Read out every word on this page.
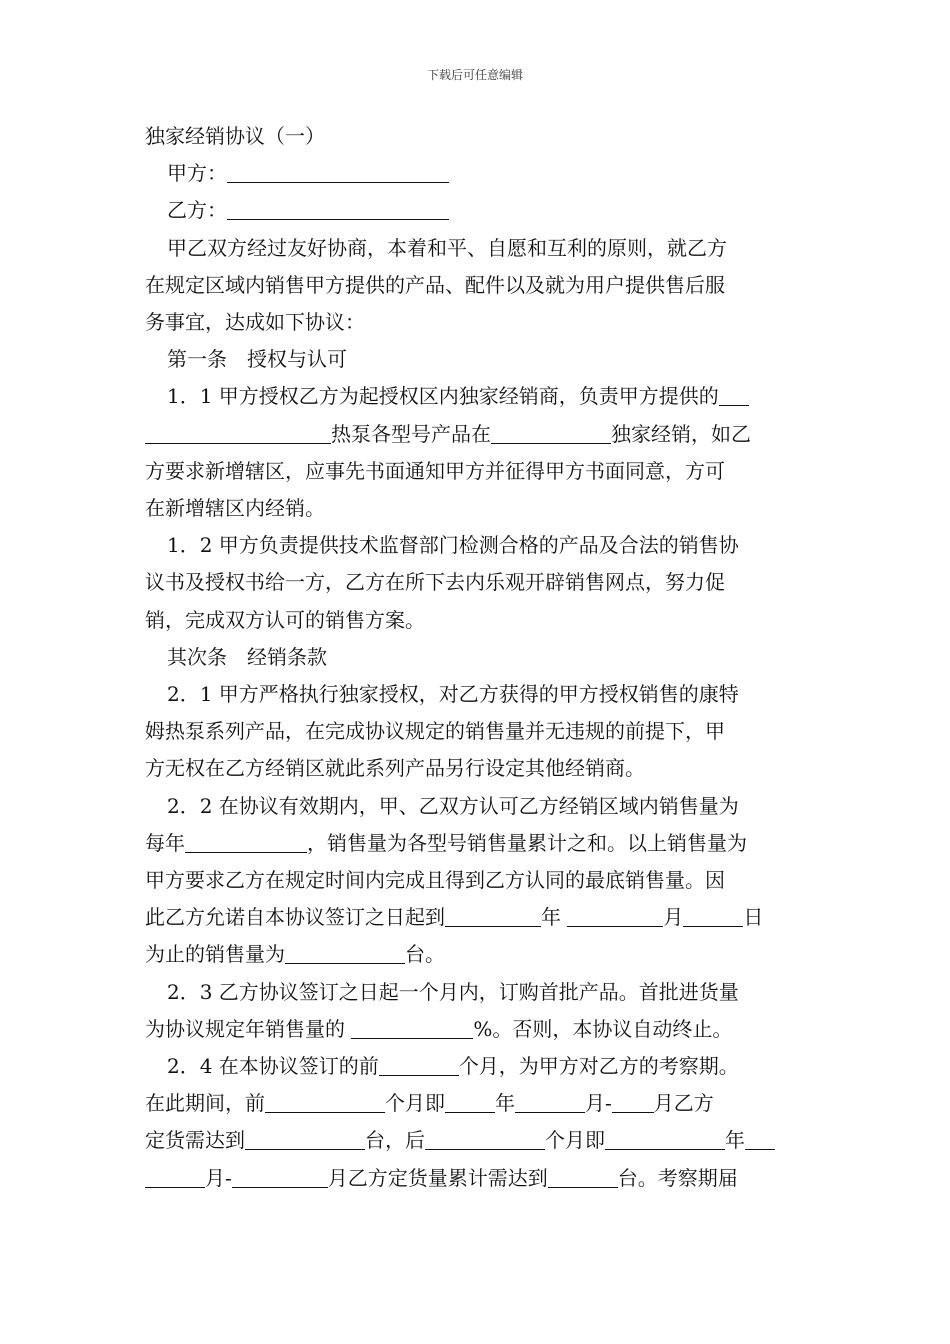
下载后可任意编辑

独家经销协议（一）

甲方：

乙方：

甲乙双方经过友好协商，本着和平、自愿和互利的原则，就乙方

在规定区域内销售甲方提供的产品、配件以及就为用户提供售后服

务事宜，达成如下协议：

第一条　授权与认可

1．1 甲方授权乙方为起授权区内独家经销商，负责甲方提供的

热泵各型号产品在	独家经销，如乙

方要求新增辖区，应事先书面通知甲方并征得甲方书面同意，方可

在新增辖区内经销。

1．2 甲方负责提供技术监督部门检测合格的产品及合法的销售协

议书及授权书给一方，乙方在所下去内乐观开辟销售网点，努力促

销，完成双方认可的销售方案。

其次条　经销条款

2．1 甲方严格执行独家授权，对乙方获得的甲方授权销售的康特

姆热泵系列产品，在完成协议规定的销售量并无违规的前提下，甲

方无权在乙方经销区就此系列产品另行设定其他经销商。

2．2 在协议有效期内，甲、乙双方认可乙方经销区域内销售量为

每年	，销售量为各型号销售量累计之和。以上销售量为

甲方要求乙方在规定时间内完成且得到乙方认同的最底销售量。因

此乙方允诺自本协议签订之日起到	年	月	日

为止的销售量为	台。

2．3 乙方协议签订之日起一个月内，订购首批产品。首批进货量

为协议规定年销售量的	%。否则，本协议自动终止。

2．4 在本协议签订的前	个月，为甲方对乙方的考察期。

在此期间，前	个月即	年	月- 月乙方

定货需达到	台，后	个月即	年

月-	月乙方定货量累计需达到	台。考察期届
